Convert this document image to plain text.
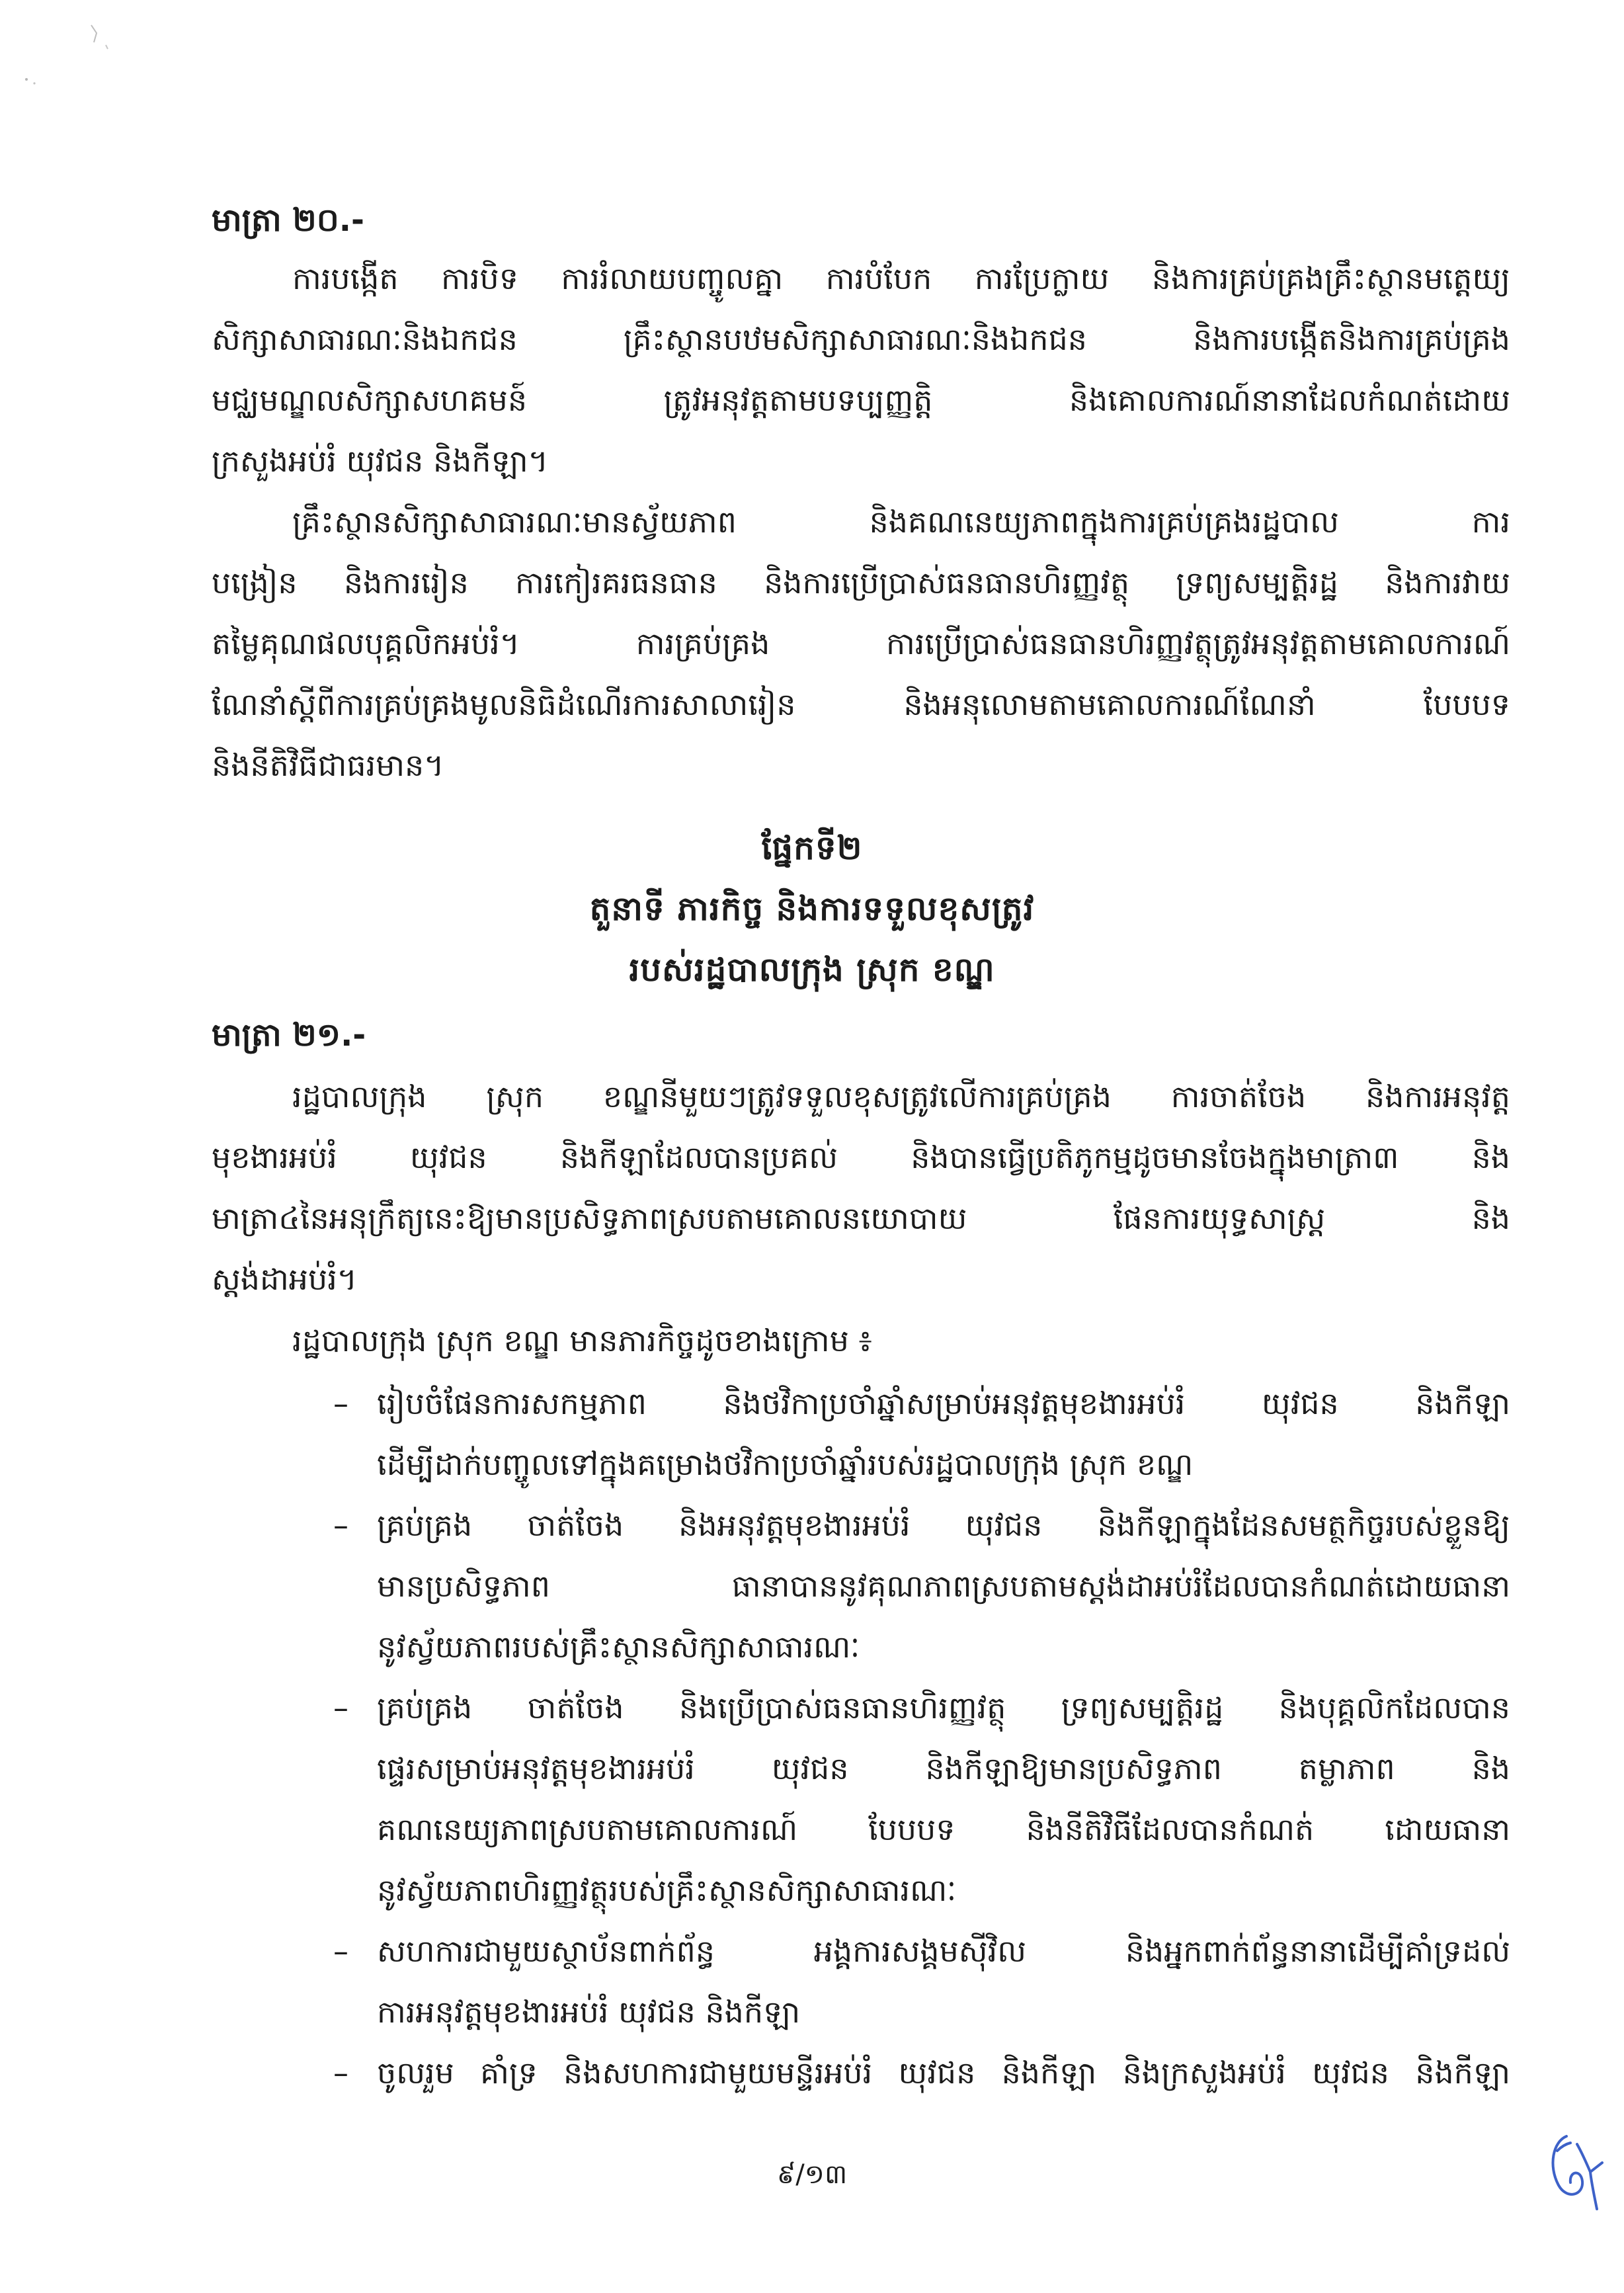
មាត្រា ២០.-
ការបង្កើត ការបិទ ការរំលាយបញ្ចូលគ្នា ការបំបែក ការប្រែក្លាយ និងការគ្រប់គ្រងគ្រឹះស្ថានមត្តេយ្យ
សិក្សាសាធារណៈនិងឯកជន គ្រឹះស្ថានបឋមសិក្សាសាធារណៈនិងឯកជន និងការបង្កើតនិងការគ្រប់គ្រង
មជ្ឈមណ្ឌលសិក្សាសហគមន៍ ត្រូវអនុវត្តតាមបទប្បញ្ញត្តិ និងគោលការណ៍នានាដែលកំណត់ដោយ
ក្រសួងអប់រំ យុវជន និងកីឡា។
គ្រឹះស្ថានសិក្សាសាធារណៈមានស្វ័យភាព និងគណនេយ្យភាពក្នុងការគ្រប់គ្រងរដ្ឋបាល ការ
បង្រៀន និងការរៀន ការកៀរគរធនធាន និងការប្រើប្រាស់ធនធានហិរញ្ញវត្ថុ ទ្រព្យសម្បត្តិរដ្ឋ និងការវាយ
តម្លៃគុណផលបុគ្គលិកអប់រំ។ ការគ្រប់គ្រង ការប្រើប្រាស់ធនធានហិរញ្ញវត្ថុត្រូវអនុវត្តតាមគោលការណ៍
ណែនាំស្តីពីការគ្រប់គ្រងមូលនិធិដំណើរការសាលារៀន និងអនុលោមតាមគោលការណ៍ណែនាំ បែបបទ
និងនីតិវិធីជាធរមាន។
ផ្នែកទី២
តួនាទី ភារកិច្ច និងការទទួលខុសត្រូវ
របស់រដ្ឋបាលក្រុង ស្រុក ខណ្ឌ
មាត្រា ២១.-
រដ្ឋបាលក្រុង ស្រុក ខណ្ឌនីមួយៗត្រូវទទួលខុសត្រូវលើការគ្រប់គ្រង ការចាត់ចែង និងការអនុវត្ត
មុខងារអប់រំ យុវជន និងកីឡាដែលបានប្រគល់ និងបានធ្វើប្រតិភូកម្មដូចមានចែងក្នុងមាត្រា៣ និង
មាត្រា៤នៃអនុក្រឹត្យនេះឱ្យមានប្រសិទ្ធភាពស្របតាមគោលនយោបាយ ផែនការយុទ្ធសាស្ត្រ និង
ស្តង់ដាអប់រំ។
រដ្ឋបាលក្រុង ស្រុក ខណ្ឌ មានភារកិច្ចដូចខាងក្រោម ៖
– រៀបចំផែនការសកម្មភាព និងថវិកាប្រចាំឆ្នាំសម្រាប់អនុវត្តមុខងារអប់រំ យុវជន និងកីឡា
ដើម្បីដាក់បញ្ចូលទៅក្នុងគម្រោងថវិកាប្រចាំឆ្នាំរបស់រដ្ឋបាលក្រុង ស្រុក ខណ្ឌ
– គ្រប់គ្រង ចាត់ចែង និងអនុវត្តមុខងារអប់រំ យុវជន និងកីឡាក្នុងដែនសមត្ថកិច្ចរបស់ខ្លួនឱ្យ
មានប្រសិទ្ធភាព ធានាបាននូវគុណភាពស្របតាមស្តង់ដាអប់រំដែលបានកំណត់ដោយធានា
នូវស្វ័យភាពរបស់គ្រឹះស្ថានសិក្សាសាធារណៈ
– គ្រប់គ្រង ចាត់ចែង និងប្រើប្រាស់ធនធានហិរញ្ញវត្ថុ ទ្រព្យសម្បត្តិរដ្ឋ និងបុគ្គលិកដែលបាន
ផ្ទេរសម្រាប់អនុវត្តមុខងារអប់រំ យុវជន និងកីឡាឱ្យមានប្រសិទ្ធភាព តម្លាភាព និង
គណនេយ្យភាពស្របតាមគោលការណ៍ បែបបទ និងនីតិវិធីដែលបានកំណត់ ដោយធានា
នូវស្វ័យភាពហិរញ្ញវត្ថុរបស់គ្រឹះស្ថានសិក្សាសាធារណៈ
– សហការជាមួយស្ថាប័នពាក់ព័ន្ធ អង្គការសង្គមស៊ីវិល និងអ្នកពាក់ព័ន្ធនានាដើម្បីគាំទ្រដល់
ការអនុវត្តមុខងារអប់រំ យុវជន និងកីឡា
– ចូលរួម គាំទ្រ និងសហការជាមួយមន្ទីរអប់រំ យុវជន និងកីឡា និងក្រសួងអប់រំ យុវជន និងកីឡា
៩/១៣
